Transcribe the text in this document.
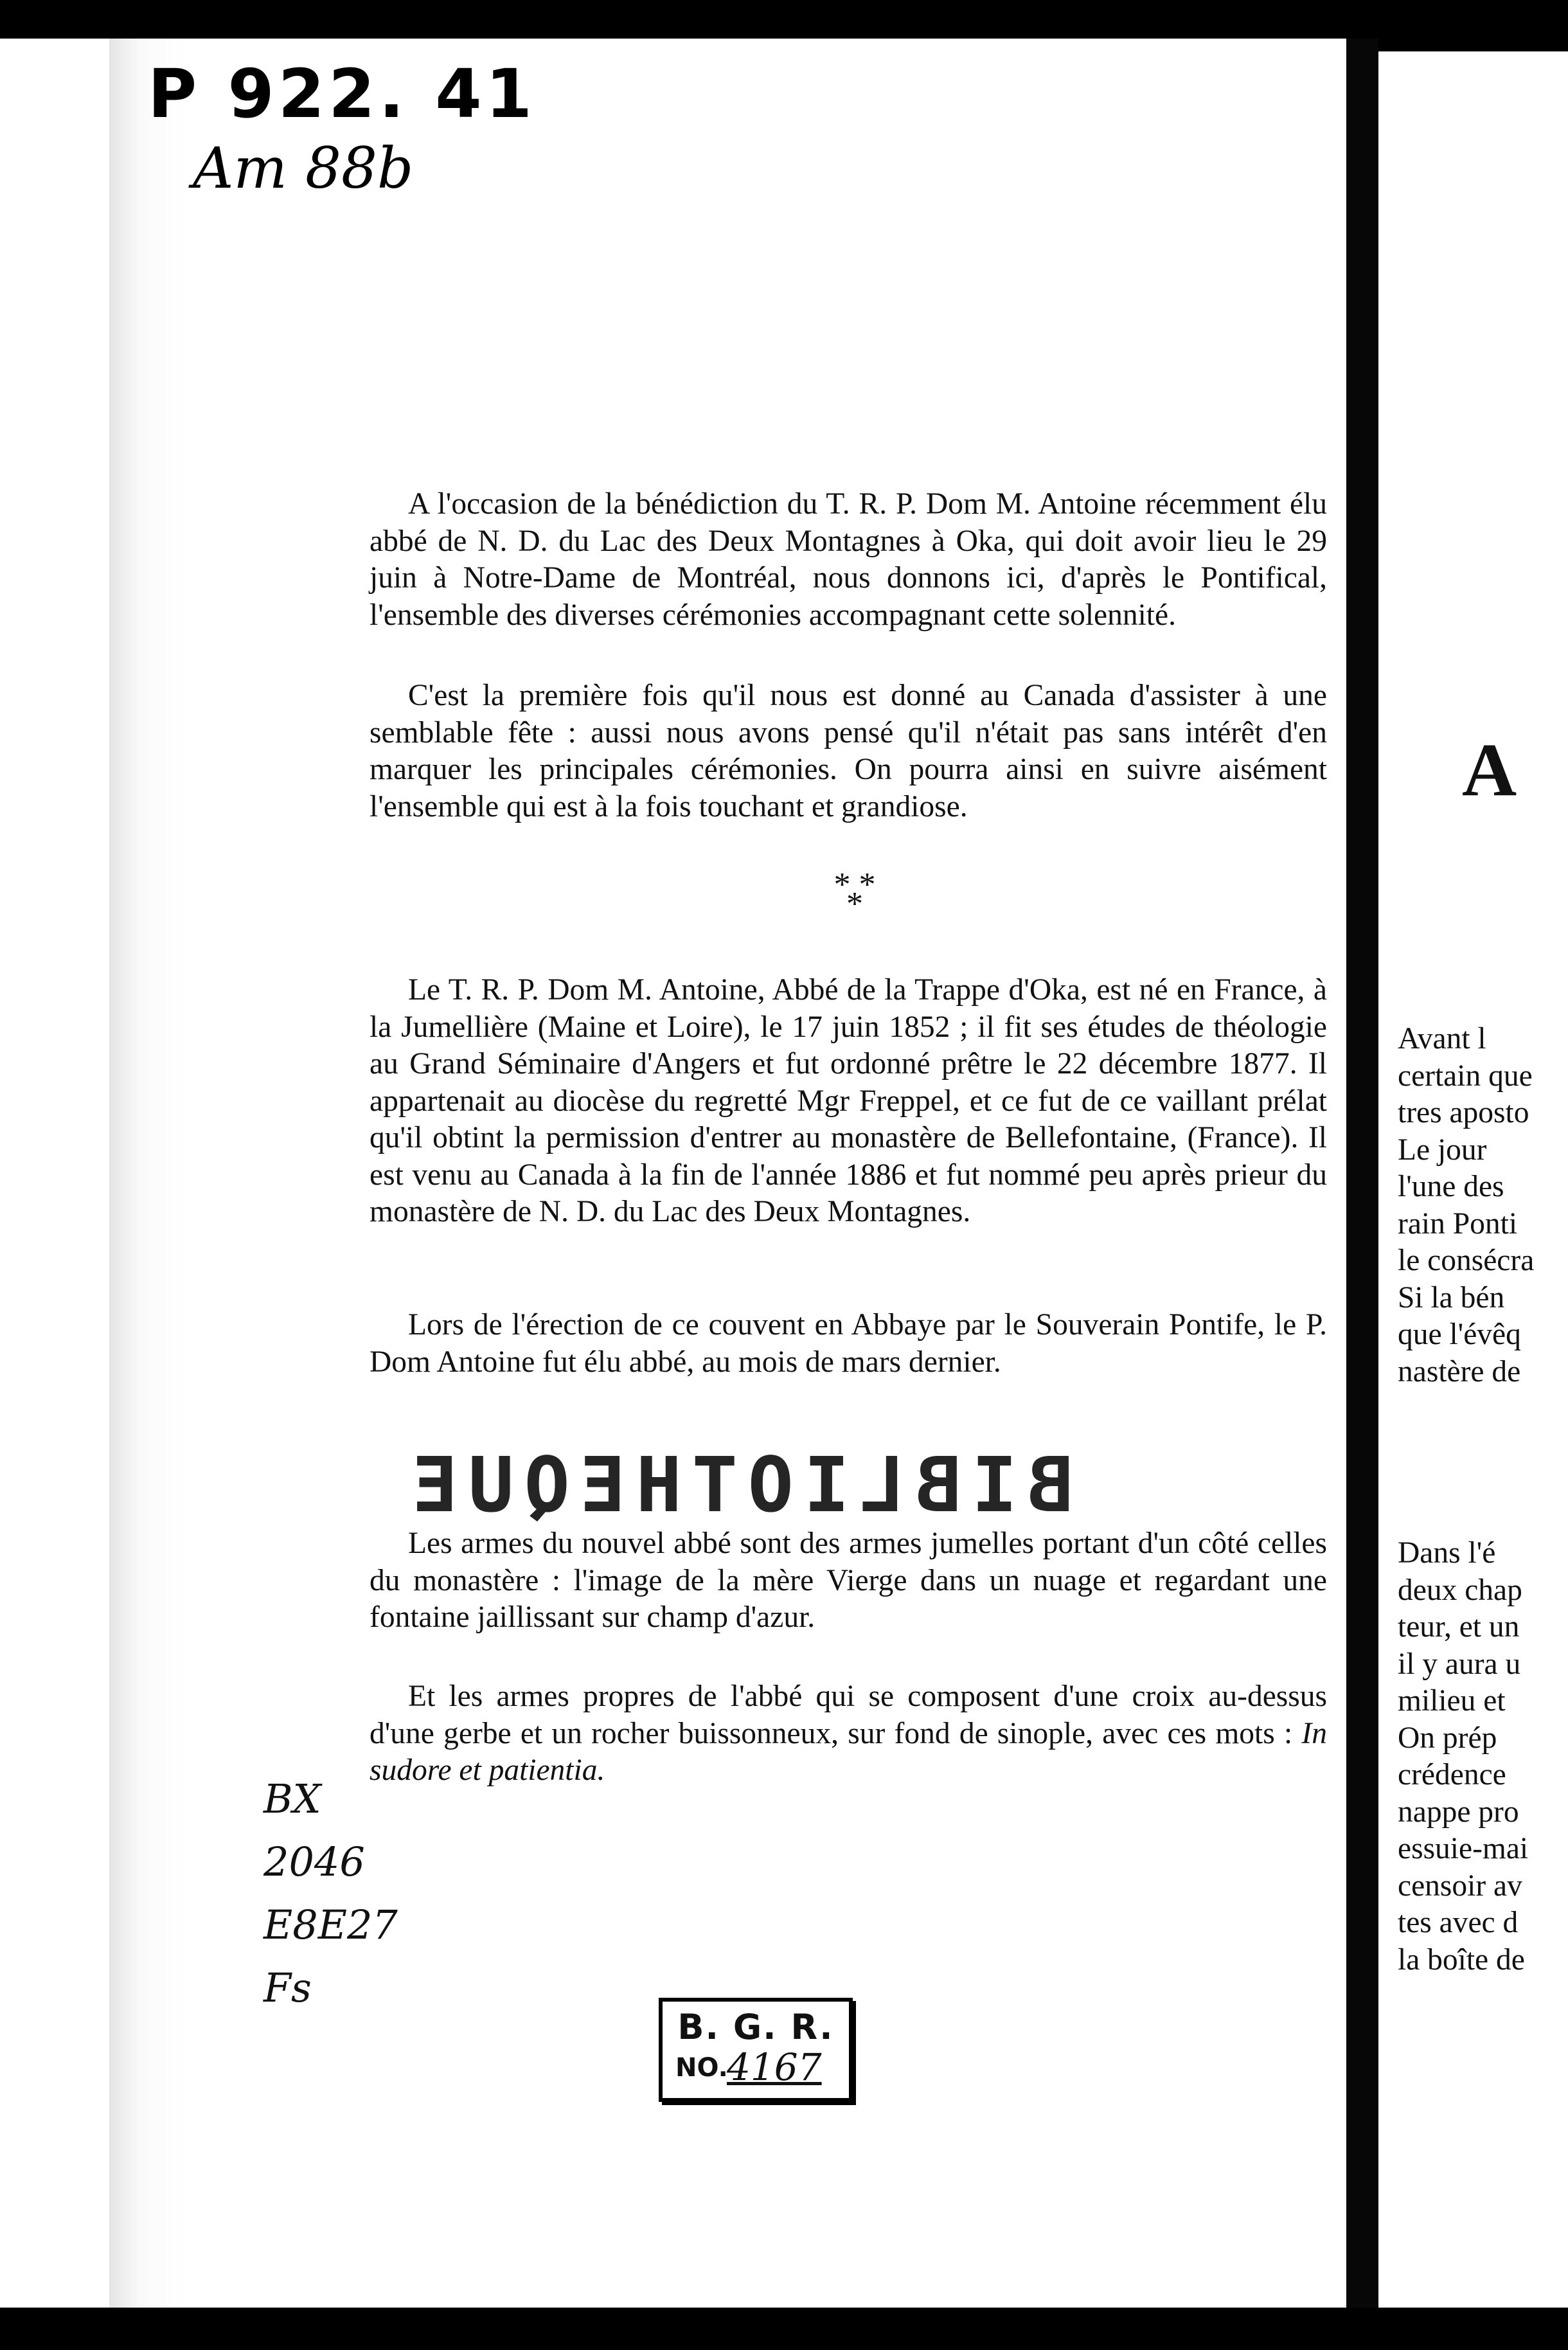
A
Avant l
certain que
tres aposto
Le jour
l'une des
rain Ponti
le consécra
Si la bén
que l'évêq
nastère de
Dans l'é
deux chap
teur, et un
il y aura u
milieu et
On prép
crédence
nappe pro
essuie-mai
censoir av
tes avec d
la boîte de
P 922. 41
Am 88b

A l'occasion de la bénédiction du T. R. P. Dom M. Antoine récemment élu abbé de N. D. du Lac des Deux Montagnes à Oka, qui doit avoir lieu le 29 juin à Notre-Dame de Montréal, nous donnons ici, d'après le Pontifical, l'ensemble des diverses cérémonies accompagnant cette solennité.

C'est la première fois qu'il nous est donné au Canada d'assister à une semblable fête : aussi nous avons pensé qu'il n'était pas sans intérêt d'en marquer les principales cérémonies. On pourra ainsi en suivre aisément l'ensemble qui est à la fois touchant et grandiose.

* * *

Le T. R. P. Dom M. Antoine, Abbé de la Trappe d'Oka, est né en France, à la Jumellière (Maine et Loire), le 17 juin 1852 ; il fit ses études de théologie au Grand Séminaire d'Angers et fut ordonné prêtre le 22 décembre 1877. Il appartenait au diocèse du regretté Mgr Freppel, et ce fut de ce vaillant prélat qu'il obtint la permission d'entrer au monastère de Bellefontaine, (France). Il est venu au Canada à la fin de l'année 1886 et fut nommé peu après prieur du monastère de N. D. du Lac des Deux Montagnes.

Lors de l'érection de ce couvent en Abbaye par le Souverain Pontife, le P. Dom Antoine fut élu abbé, au mois de mars dernier.

BIBLIOTHEQUE

Les armes du nouvel abbé sont des armes jumelles portant d'un côté celles du monastère : l'image de la mère Vierge dans un nuage et regardant une fontaine jaillissant sur champ d'azur.

Et les armes propres de l'abbé qui se composent d'une croix au-dessus d'une gerbe et un rocher buissonneux, sur fond de sinople, avec ces mots : In sudore et patientia.

BX
2046
E8E27
Fs
B. G. R.
NO.
4167
